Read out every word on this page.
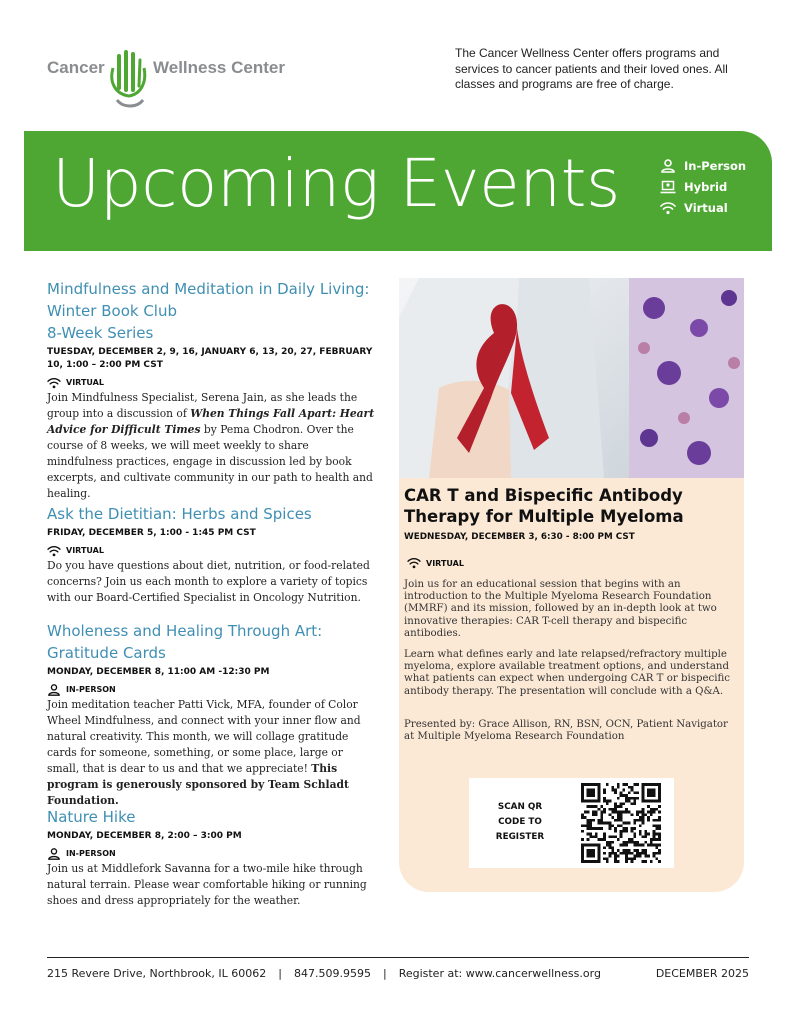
Cancer	Wellness Center

The Cancer Wellness Center offers programs and services to cancer patients and their loved ones. All classes and programs are free of charge.

Upcoming Events	In-Person
Hybrid
Virtual
Mindfulness and Meditation in Daily Living:
Winter Book Club
8-Week Series
TUESDAY, DECEMBER 2, 9, 16, JANUARY 6, 13, 20, 27, FEBRUARY 10, 1:00 – 2:00 PM CST
VIRTUAL

Join Mindfulness Specialist, Serena Jain, as she leads the group into a discussion of When Things Fall Apart: Heart Advice for Difficult Times by Pema Chodron. Over the course of 8 weeks, we will meet weekly to share mindfulness practices, engage in discussion led by book excerpts, and cultivate community in our path to health and healing.

Ask the Dietitian: Herbs and Spices
FRIDAY, DECEMBER 5, 1:00 - 1:45 PM CST
VIRTUAL

Do you have questions about diet, nutrition, or food-related concerns? Join us each month to explore a variety of topics with our Board-Certified Specialist in Oncology Nutrition.

Wholeness and Healing Through Art:
Gratitude Cards
MONDAY, DECEMBER 8, 11:00 AM -12:30 PM
IN-PERSON

Join meditation teacher Patti Vick, MFA, founder of Color Wheel Mindfulness, and connect with your inner flow and natural creativity. This month, we will collage gratitude cards for someone, something, or some place, large or small, that is dear to us and that we appreciate! This program is generously sponsored by Team Schladt Foundation.

Nature Hike
MONDAY, DECEMBER 8, 2:00 – 3:00 PM
IN-PERSON

Join us at Middlefork Savanna for a two-mile hike through natural terrain. Please wear comfortable hiking or running shoes and dress appropriately for the weather.

CAR T and Bispecific Antibody Therapy for Multiple Myeloma
WEDNESDAY, DECEMBER 3, 6:30 - 8:00 PM CST
VIRTUAL

Join us for an educational session that begins with an introduction to the Multiple Myeloma Research Foundation (MMRF) and its mission, followed by an in-depth look at two innovative therapies: CAR T-cell therapy and bispecific antibodies.

Learn what defines early and late relapsed/refractory multiple myeloma, explore available treatment options, and understand what patients can expect when undergoing CAR T or bispecific antibody therapy. The presentation will conclude with a Q&A.

Presented by: Grace Allison, RN, BSN, OCN, Patient Navigator at Multiple Myeloma Research Foundation

SCAN QR CODE TO REGISTER
215 Revere Drive, Northbrook, IL 60062 | 847.509.9595 | Register at: www.cancerwellness.org	DECEMBER 2025
